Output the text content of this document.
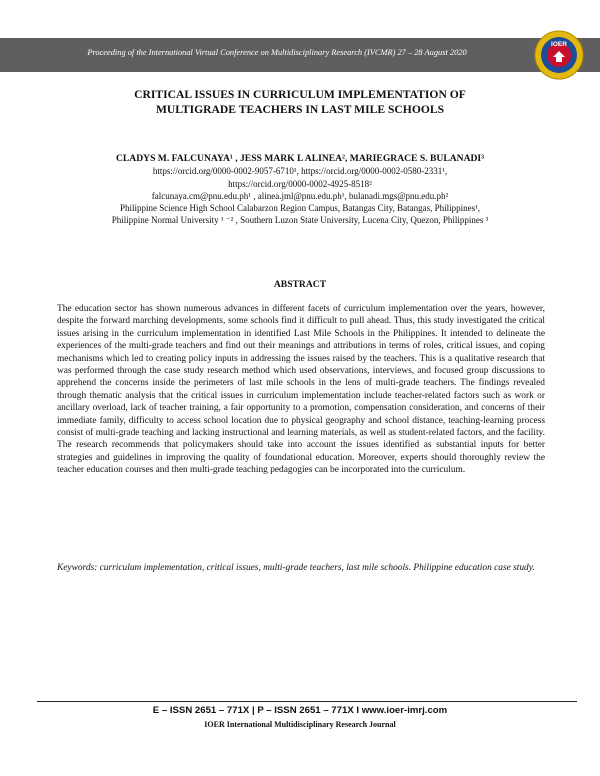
Proceeding of the International Virtual Conference on Multidisciplinary Research (IVCMR) 27 – 28 August 2020
IOER
CRITICAL ISSUES IN CURRICULUM IMPLEMENTATION OF
MULTIGRADE TEACHERS IN LAST MILE SCHOOLS
CLADYS M. FALCUNAYA¹ , JESS MARK L ALINEA², MARIEGRACE S. BULANADI³
https://orcid.org/0000-0002-9057-6710¹, https://orcid.org/0000-0002-0580-2331¹,
https://orcid.org/0000-0002-4925-8518²
falcunaya.cm@pnu.edu.ph¹ , alinea.jml@pnu.edu.ph¹, bulanadi.mgs@pnu.edu.ph²
Philippine Science High School Calabarzon Region Campus, Batangas City, Batangas, Philippines¹,
Philippine Normal University ¹ ⁻² , Southern Luzon State University, Lucena City, Quezon, Philippines ³
ABSTRACT

The education sector has shown numerous advances in different facets of curriculum implementation over the years, however, despite the forward marching developments, some schools find it difficult to pull ahead. Thus, this study investigated the critical issues arising in the curriculum implementation in identified Last Mile Schools in the Philippines. It intended to delineate the experiences of the multi-grade teachers and find out their meanings and attributions in terms of roles, critical issues, and coping mechanisms which led to creating policy inputs in addressing the issues raised by the teachers. This is a qualitative research that was performed through the case study research method which used observations, interviews, and focused group discussions to apprehend the concerns inside the perimeters of last mile schools in the lens of multi-grade teachers. The findings revealed through thematic analysis that the critical issues in curriculum implementation include teacher-related factors such as work or ancillary overload, lack of teacher training, a fair opportunity to a promotion, compensation consideration, and concerns of their immediate family, difficulty to access school location due to physical geography and school distance, teaching-learning process consist of multi-grade teaching and lacking instructional and learning materials, as well as student-related factors, and the facility. The research recommends that policymakers should take into account the issues identified as substantial inputs for better strategies and guidelines in improving the quality of foundational education. Moreover, experts should thoroughly review the teacher education courses and then multi-grade teaching pedagogies can be incorporated into the curriculum.

Keywords: curriculum implementation, critical issues, multi-grade teachers, last mile schools. Philippine education case study.

E – ISSN 2651 – 771X | P – ISSN 2651 – 771X I www.ioer-imrj.com
IOER International Multidisciplinary Research Journal
